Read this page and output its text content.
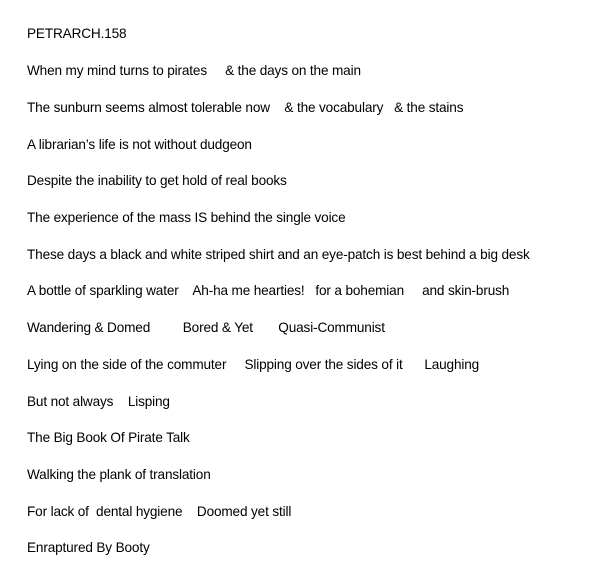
PETRARCH.158
When my mind turns to pirates     & the days on the main
The sunburn seems almost tolerable now    & the vocabulary   & the stains
A librarian’s life is not without dudgeon
Despite the inability to get hold of real books
The experience of the mass IS behind the single voice
These days a black and white striped shirt and an eye-patch is best behind a big desk
A bottle of sparkling water    Ah-ha me hearties!   for a bohemian     and skin-brush
Wandering & Domed         Bored & Yet       Quasi-Communist
Lying on the side of the commuter     Slipping over the sides of it      Laughing
But not always    Lisping
The Big Book Of Pirate Talk
Walking the plank of translation
For lack of  dental hygiene    Doomed yet still
Enraptured By Booty
